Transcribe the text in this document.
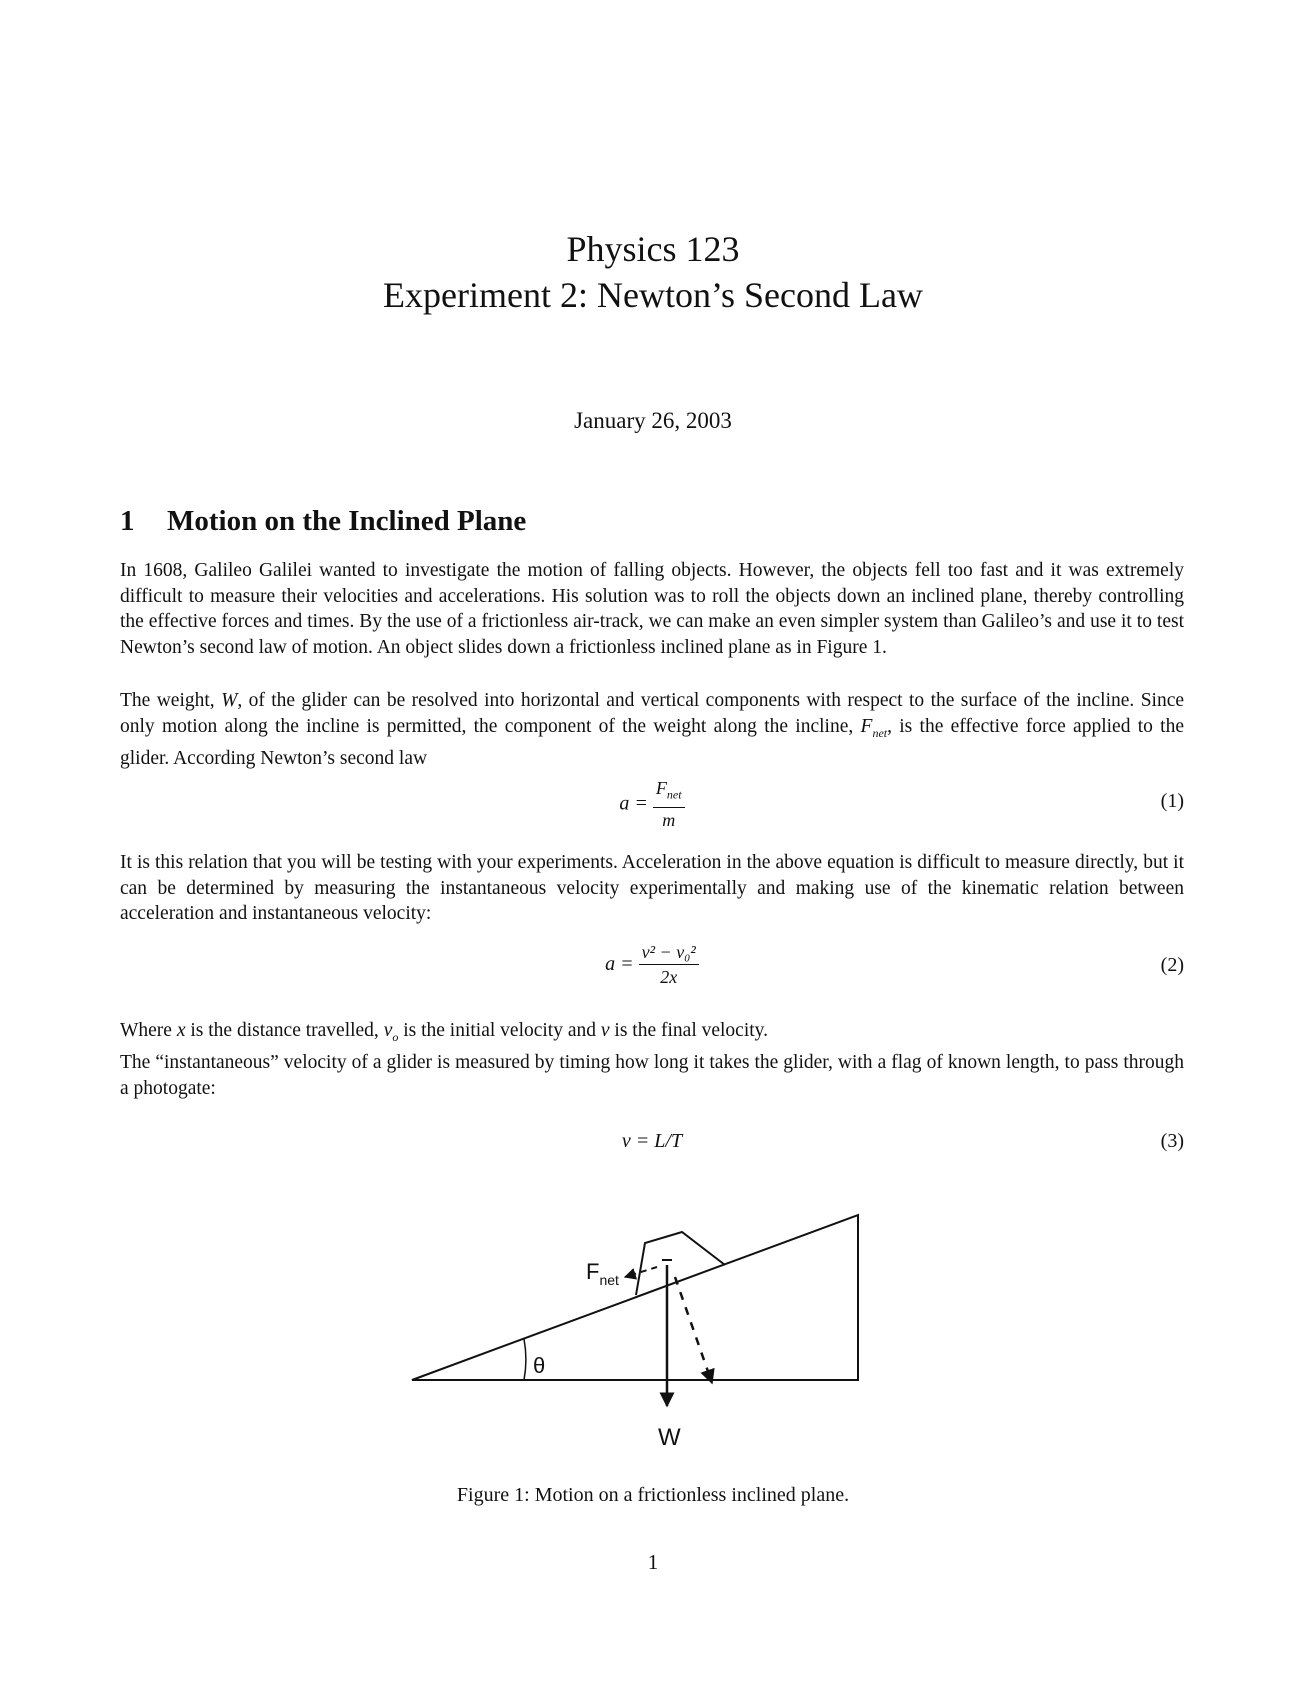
Physics 123
Experiment 2: Newton’s Second Law
January 26, 2003
1 Motion on the Inclined Plane
In 1608, Galileo Galilei wanted to investigate the motion of falling objects. However, the objects fell too fast and it was extremely difficult to measure their velocities and accelerations. His solution was to roll the objects down an inclined plane, thereby controlling the effective forces and times. By the use of a frictionless air-track, we can make an even simpler system than Galileo’s and use it to test Newton’s second law of motion. An object slides down a frictionless inclined plane as in Figure 1.
The weight, W, of the glider can be resolved into horizontal and vertical components with respect to the surface of the incline. Since only motion along the incline is permitted, the component of the weight along the incline, $F_{net}$, is the effective force applied to the glider. According Newton’s second law
$a = \frac{F_{net}}{m}$	(1)
It is this relation that you will be testing with your experiments. Acceleration in the above equation is difficult to measure directly, but it can be determined by measuring the instantaneous velocity experimentally and making use of the kinematic relation between acceleration and instantaneous velocity:
$a = \frac{\text{v² − v₀²}}{2x}$	(2)
Where x is the distance travelled, $v_o$ is the initial velocity and v is the final velocity.
The “instantaneous” velocity of a glider is measured by timing how long it takes the glider, with a flag of known length, to pass through a photogate:
v = L/T	(3)
$F_{net}$
θ
W
Figure 1: Motion on a frictionless inclined plane.
1
